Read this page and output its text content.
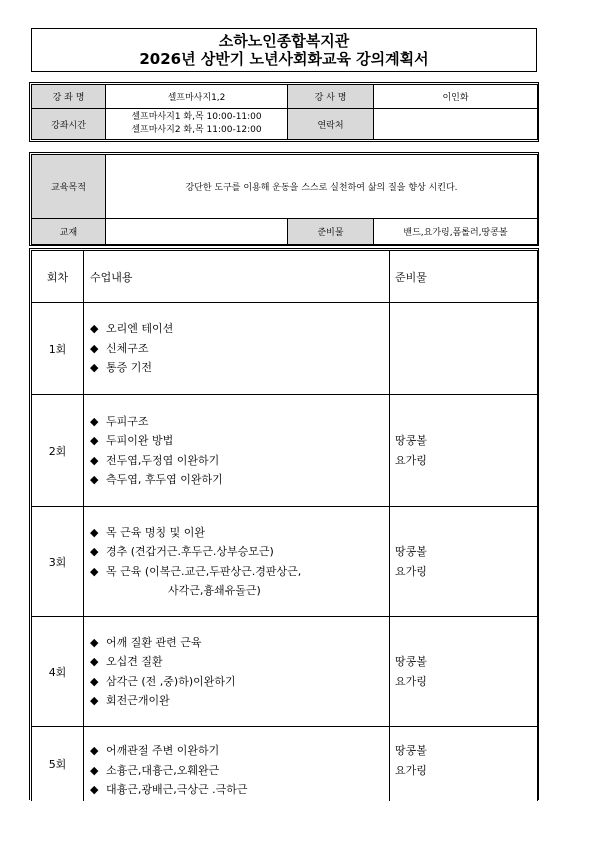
소하노인종합복지관
2026년 상반기 노년사회화교육 강의계획서
강 좌 명	셀프마사지1,2	강 사 명	이인화
강좌시간	셀프마사지1 화,목 10:00-11:00
셀프마사지2 화,목 11:00-12:00	연락처	
교육목적	강단한 도구를 이용해 운동을 스스로 실천하여 삶의 질을 향상 시킨다.		
교재		준비물	밴드,요가링,폼롤러,땅콩볼
회차	수업내용	준비물
1회	◆ 오리엔 테이션
◆ 신체구조
◆ 통증 기전	

2회	◆ 두피구조
◆ 두피이완 방법
◆ 전두엽,두정엽 이완하기
◆ 측두엽, 후두엽 이완하기	땅콩볼
요가링

3회	◆ 목 근육 명칭 및 이완
◆ 경추 (견갑거근.후두근.상부승모근)
◆ 목 근육 (이복근.교근,두판상근.경판상근,
사각근,흉쇄유돌근)	땅콩볼
요가링

4회	◆ 어깨 질환 관련 근육
◆ 오십견 질환
◆ 삼각근 (전 ,중)하)이완하기
◆ 회전근개이완	땅콩볼
요가링

5회	◆ 어깨관절 주변 이완하기
◆ 소흉근,대흉근,오훼완근
◆ 대흉근,광배근,극상근 .극하근	땅콩볼
요가링
